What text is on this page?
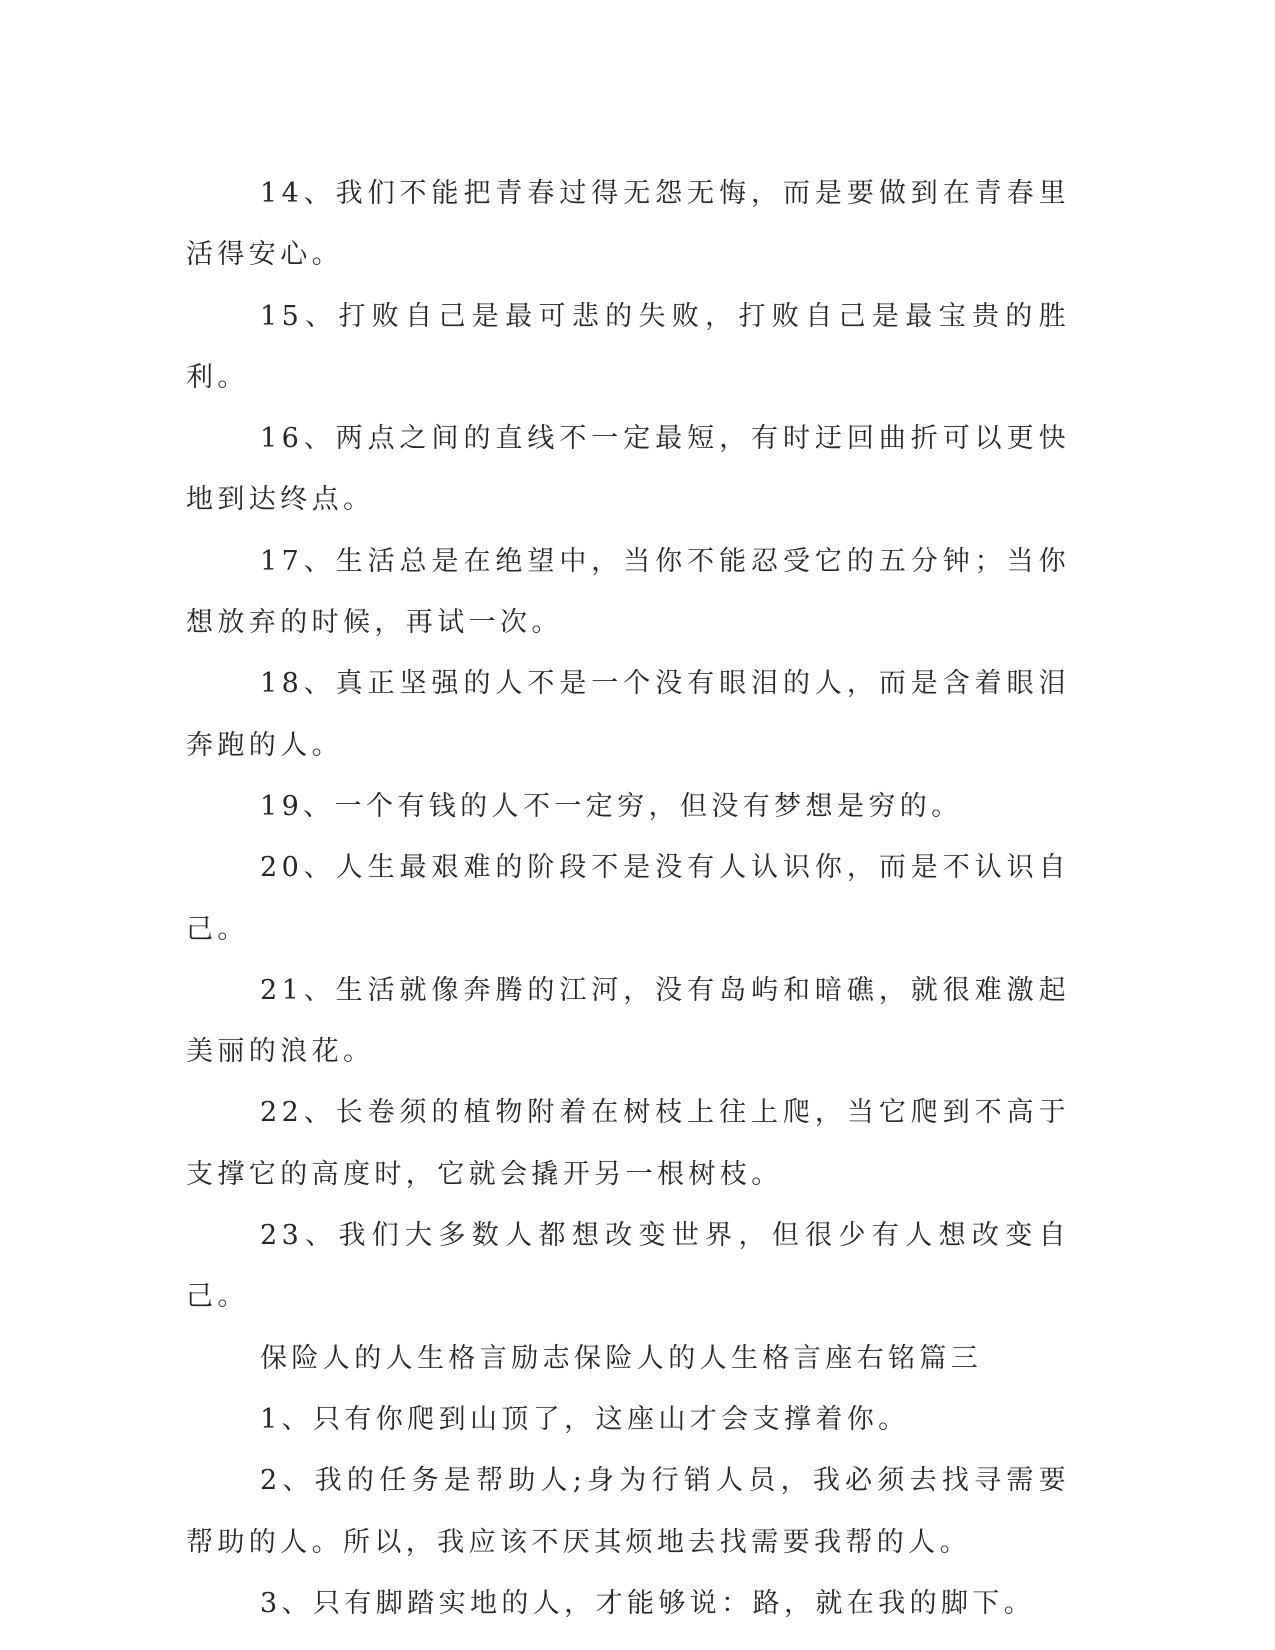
14、我们不能把青春过得无怨无悔，而是要做到在青春里活得安心。

15、打败自己是最可悲的失败，打败自己是最宝贵的胜利。

16、两点之间的直线不一定最短，有时迂回曲折可以更快地到达终点。

17、生活总是在绝望中，当你不能忍受它的五分钟；当你想放弃的时候，再试一次。

18、真正坚强的人不是一个没有眼泪的人，而是含着眼泪奔跑的人。

19、一个有钱的人不一定穷，但没有梦想是穷的。

20、人生最艰难的阶段不是没有人认识你，而是不认识自己。

21、生活就像奔腾的江河，没有岛屿和暗礁，就很难激起美丽的浪花。

22、长卷须的植物附着在树枝上往上爬，当它爬到不高于支撑它的高度时，它就会撬开另一根树枝。

23、我们大多数人都想改变世界，但很少有人想改变自己。

保险人的人生格言励志保险人的人生格言座右铭篇三

1、只有你爬到山顶了，这座山才会支撑着你。

2、我的任务是帮助人;身为行销人员，我必须去找寻需要帮助的人。所以，我应该不厌其烦地去找需要我帮的人。

3、只有脚踏实地的人，才能够说：路，就在我的脚下。
